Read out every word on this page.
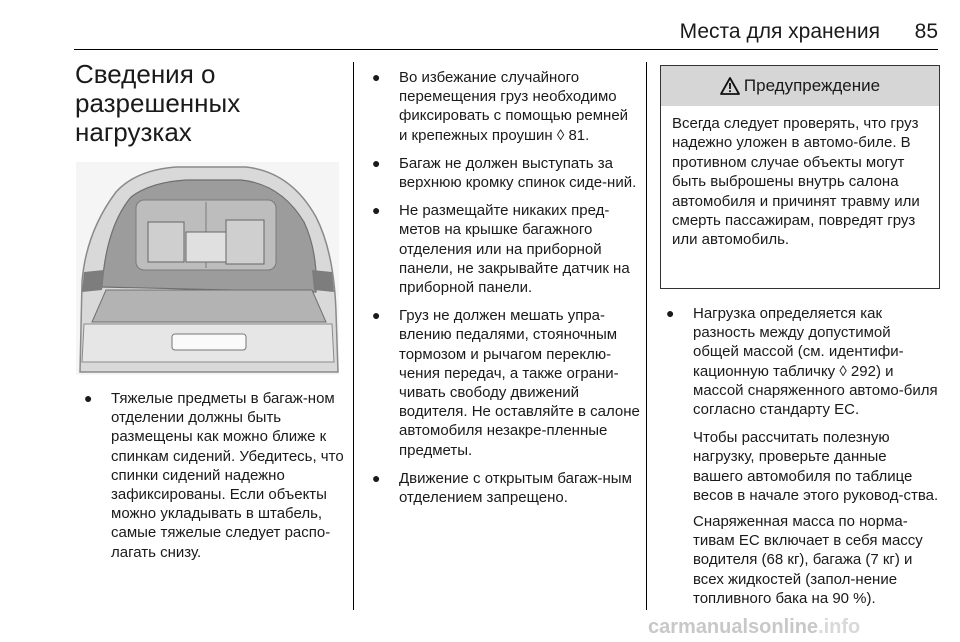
Места для хранения	85
Сведения о
разрешенных
нагрузках
●	Тяжелые предметы в багаж-ном отделении должны быть размещены как можно ближе к спинкам сидений. Убедитесь, что спинки сидений надежно зафиксированы. Если объекты можно укладывать в штабель, самые тяжелые следует распо-лагать снизу.
●	Во избежание случайного перемещения груз необходимо фиксировать с помощью ремней и крепежных проушин ◊ 81.
●	Багаж не должен выступать за верхнюю кромку спинок сиде-ний.
●	Не размещайте никаких пред-метов на крышке багажного отделения или на приборной панели, не закрывайте датчик на приборной панели.
●	Груз не должен мешать упра-влению педалями, стояночным тормозом и рычагом переклю-чения передач, а также ограни-чивать свободу движений водителя. Не оставляйте в салоне автомобиля незакре-пленные предметы.
●	Движение с открытым багаж-ным отделением запрещено.
Предупреждение
Всегда следует проверять, что груз надежно уложен в автомо-биле. В противном случае объекты могут быть выброшены внутрь салона автомобиля и причинят травму или смерть пассажирам, повредят груз или автомобиль.
●	Нагрузка определяется как разность между допустимой общей массой (см. идентифи-кационную табличку ◊ 292) и массой снаряженного автомо-биля согласно стандарту ЕС.
Чтобы рассчитать полезную нагрузку, проверьте данные вашего автомобиля по таблице весов в начале этого руковод-ства.
Снаряженная масса по норма-тивам ЕС включает в себя массу водителя (68 кг), багажа (7 кг) и всех жидкостей (запол-нение топливного бака на 90 %).
carmanualsonline.info
